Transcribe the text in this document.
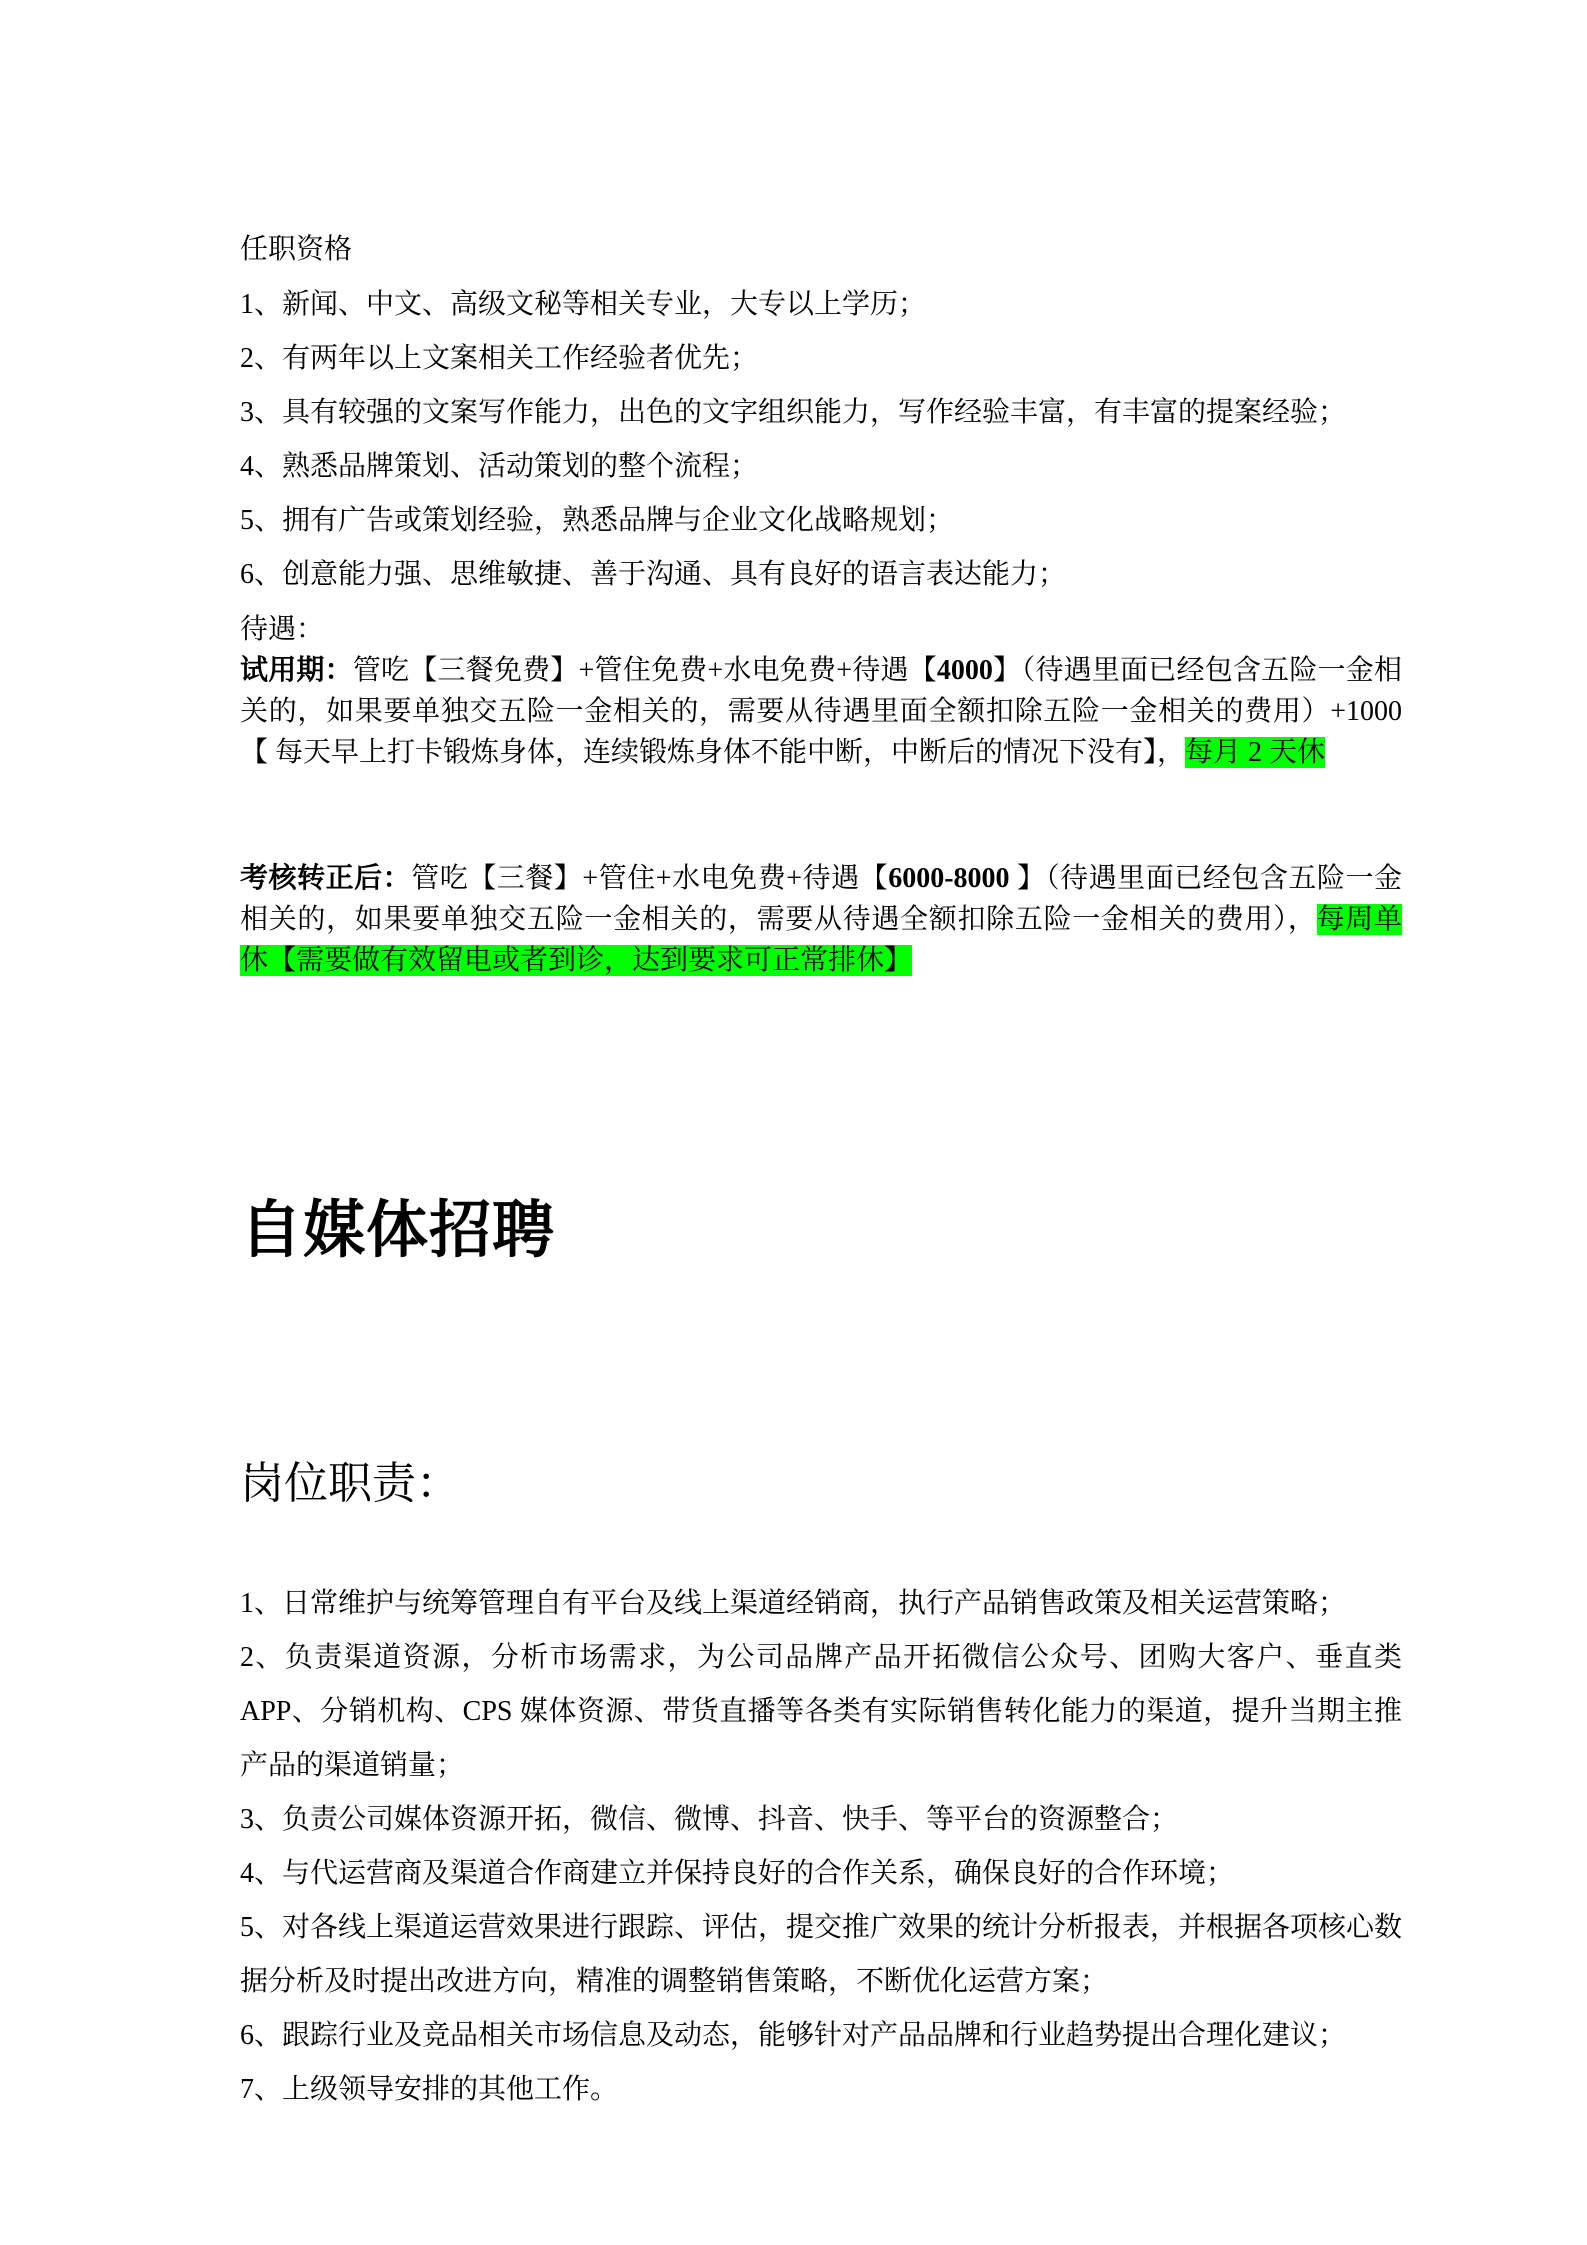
任职资格
1、新闻、中文、高级文秘等相关专业，大专以上学历；
2、有两年以上文案相关工作经验者优先；
3、具有较强的文案写作能力，出色的文字组织能力，写作经验丰富，有丰富的提案经验；
4、熟悉品牌策划、活动策划的整个流程；
5、拥有广告或策划经验，熟悉品牌与企业文化战略规划；
6、创意能力强、思维敏捷、善于沟通、具有良好的语言表达能力；
待遇：
试用期：管吃【三餐免费】+管住免费+水电免费+待遇【4000】（待遇里面已经包含五险一金相关的，如果要单独交五险一金相关的，需要从待遇里面全额扣除五险一金相关的费用）+1000【 每天早上打卡锻炼身体，连续锻炼身体不能中断，中断后的情况下没有】，每月 2 天休
考核转正后：管吃【三餐】+管住+水电免费+待遇【6000-8000 】（待遇里面已经包含五险一金相关的，如果要单独交五险一金相关的，需要从待遇全额扣除五险一金相关的费用），每周单休【需要做有效留电或者到诊，达到要求可正常排休】
自媒体招聘
岗位职责：
1、日常维护与统筹管理自有平台及线上渠道经销商，执行产品销售政策及相关运营策略；
2、负责渠道资源，分析市场需求，为公司品牌产品开拓微信公众号、团购大客户、垂直类APP、分销机构、CPS 媒体资源、带货直播等各类有实际销售转化能力的渠道，提升当期主推产品的渠道销量；
3、负责公司媒体资源开拓，微信、微博、抖音、快手、等平台的资源整合；
4、与代运营商及渠道合作商建立并保持良好的合作关系，确保良好的合作环境；
5、对各线上渠道运营效果进行跟踪、评估，提交推广效果的统计分析报表，并根据各项核心数据分析及时提出改进方向，精准的调整销售策略，不断优化运营方案；
6、跟踪行业及竞品相关市场信息及动态，能够针对产品品牌和行业趋势提出合理化建议；
7、上级领导安排的其他工作。
